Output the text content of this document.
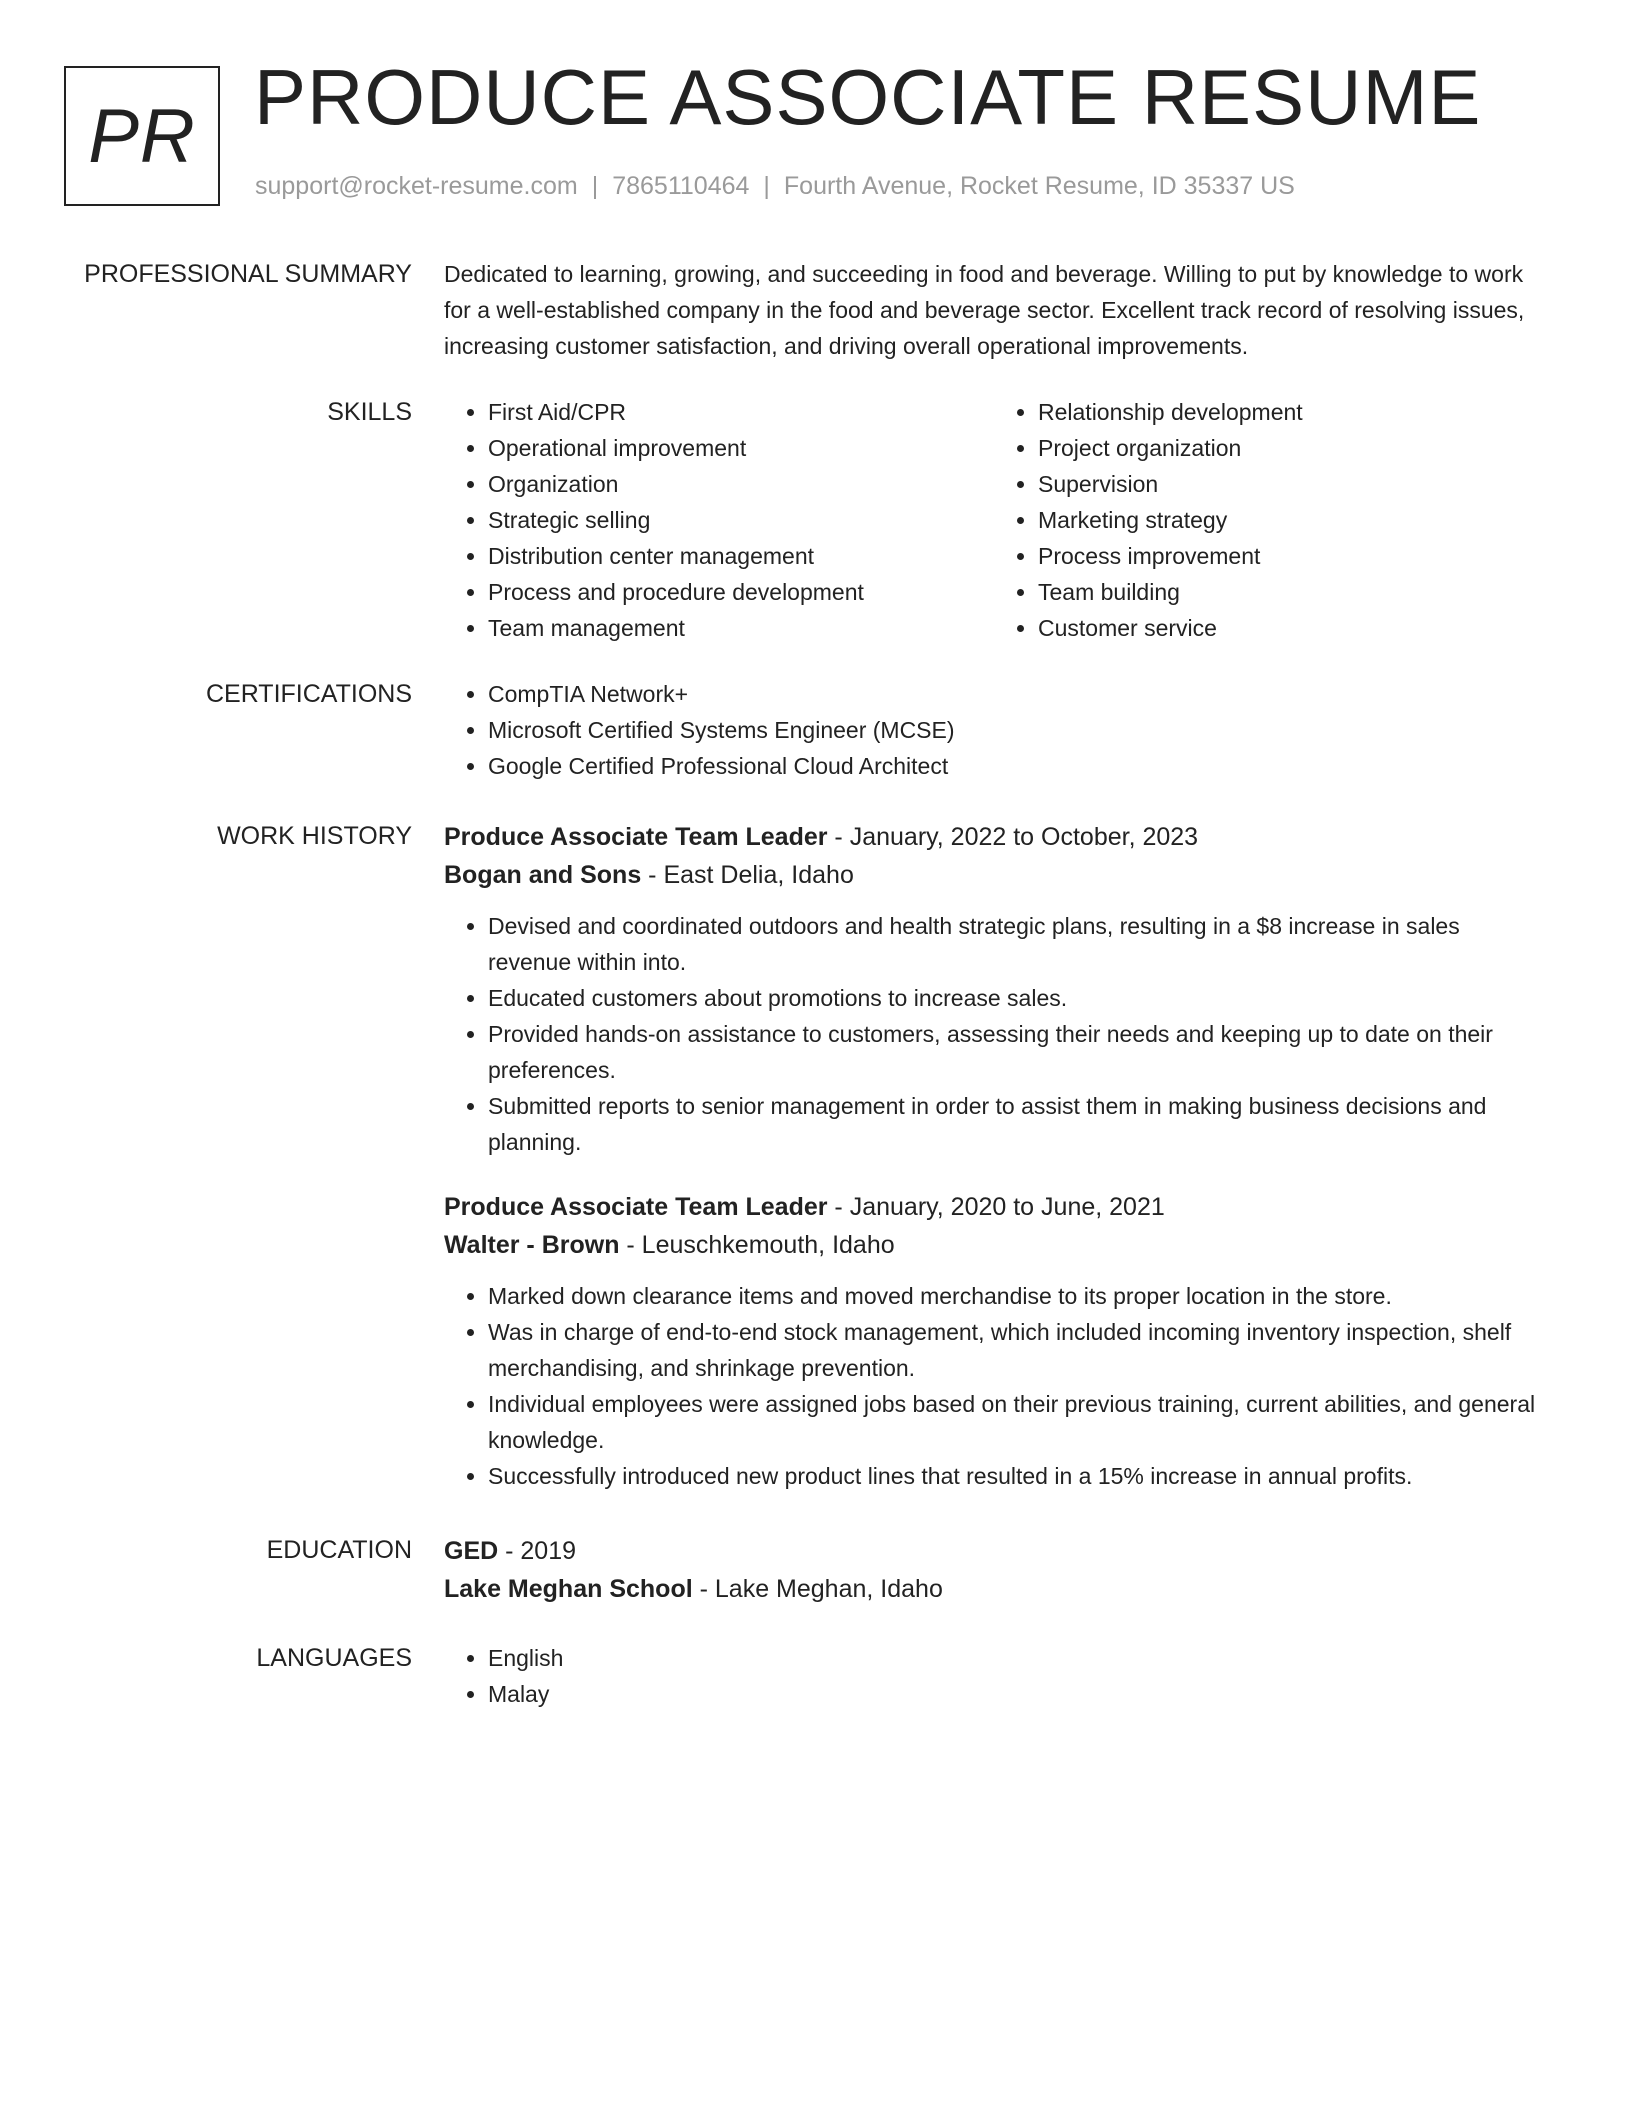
PR PRODUCE ASSOCIATE RESUME
support@rocket-resume.com | 7865110464 | Fourth Avenue, Rocket Resume, ID 35337 US
PROFESSIONAL SUMMARY Dedicated to learning, growing, and succeeding in food and beverage. Willing to put by knowledge to work for a well-established company in the food and beverage sector. Excellent track record of resolving issues, increasing customer satisfaction, and driving overall operational improvements.

SKILLS	• First Aid/CPR
• Operational improvement
• Organization
• Strategic selling
• Distribution center management
• Process and procedure development
• Team management
• Relationship development
• Project organization
• Supervision
• Marketing strategy
• Process improvement
• Team building
• Customer service
CERTIFICATIONS	• CompTIA Network+
• Microsoft Certified Systems Engineer (MCSE)
• Google Certified Professional Cloud Architect
WORK HISTORY Produce Associate Team Leader - January, 2022 to October, 2023
Bogan and Sons - East Delia, Idaho
• Devised and coordinated outdoors and health strategic plans, resulting in a $8 increase in sales revenue within into.
• Educated customers about promotions to increase sales.
• Provided hands-on assistance to customers, assessing their needs and keeping up to date on their preferences.
• Submitted reports to senior management in order to assist them in making business decisions and planning.
Produce Associate Team Leader - January, 2020 to June, 2021
Walter - Brown - Leuschkemouth, Idaho
• Marked down clearance items and moved merchandise to its proper location in the store.
• Was in charge of end-to-end stock management, which included incoming inventory inspection, shelf merchandising, and shrinkage prevention.
• Individual employees were assigned jobs based on their previous training, current abilities, and general knowledge.
• Successfully introduced new product lines that resulted in a 15% increase in annual profits.
EDUCATION GED - 2019
Lake Meghan School - Lake Meghan, Idaho
LANGUAGES	• English
• Malay
